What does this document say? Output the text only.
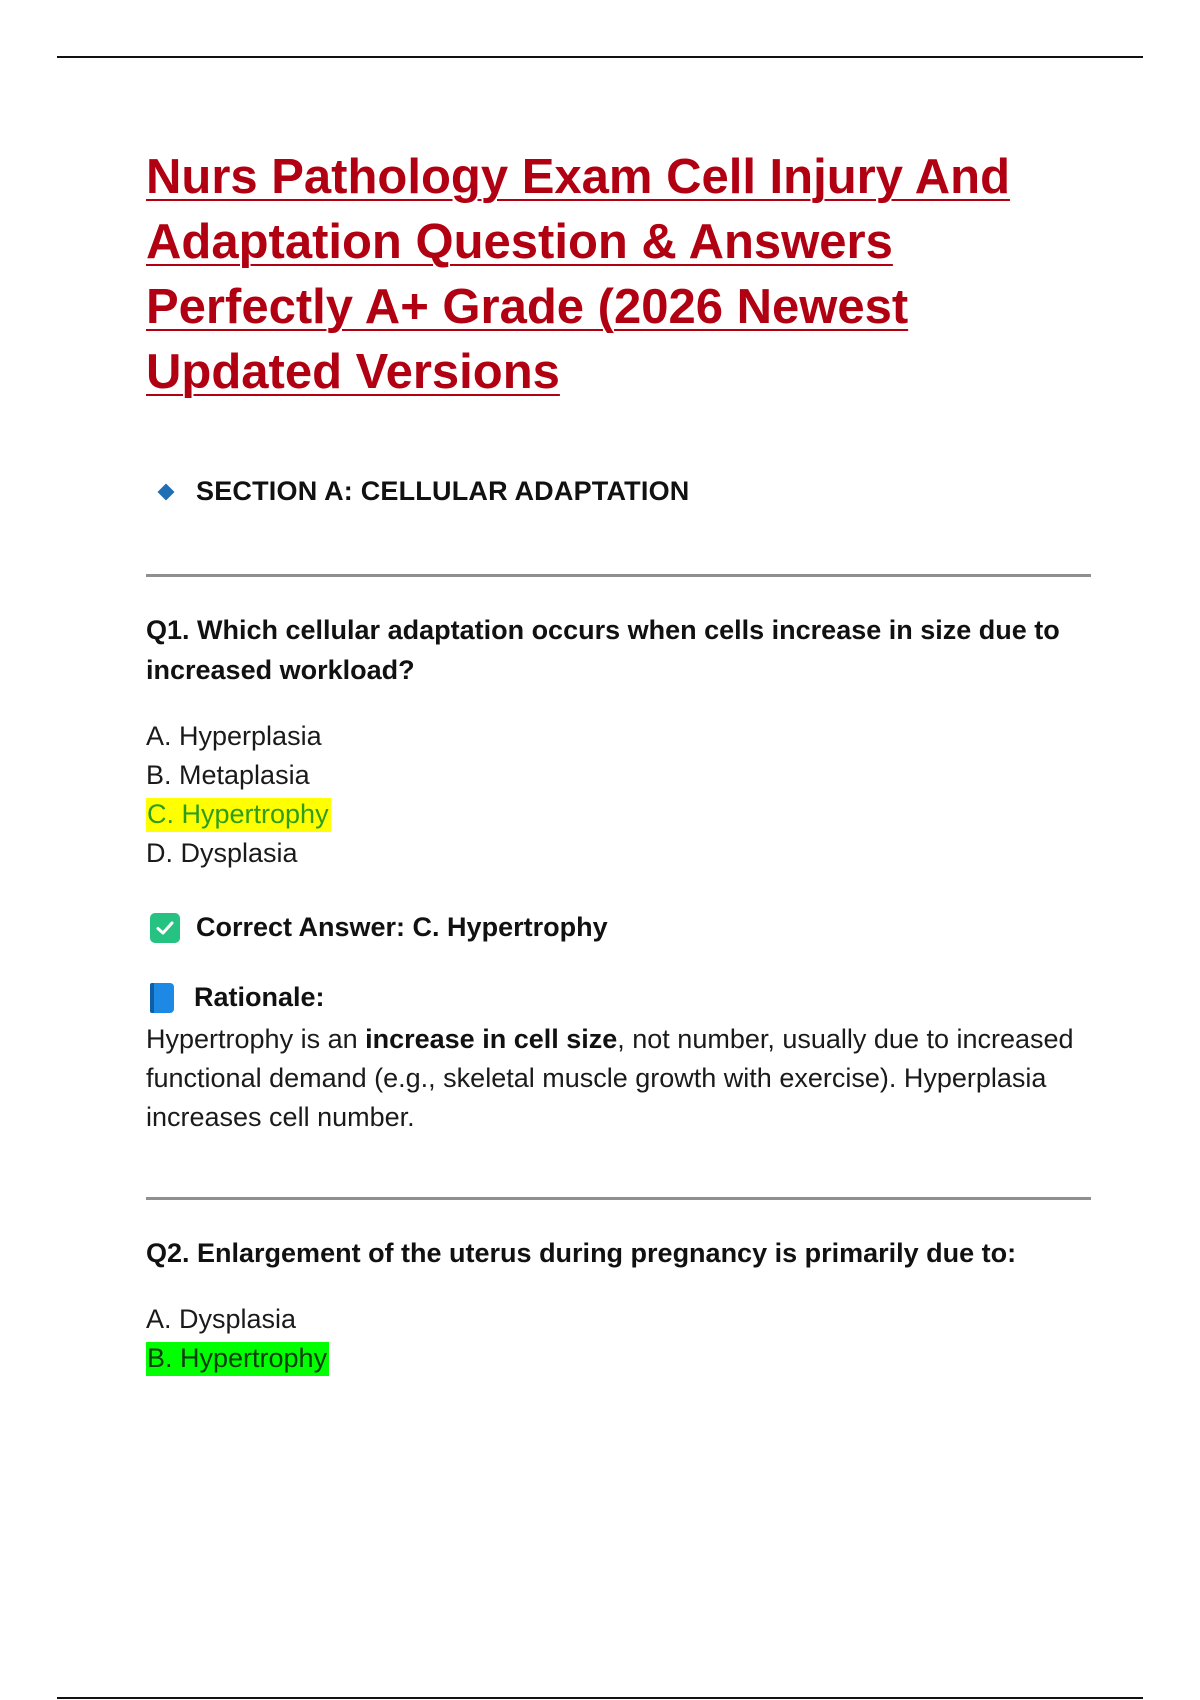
Nurs Pathology Exam Cell Injury And Adaptation Question & Answers Perfectly A+ Grade (2026 Newest Updated Versions
SECTION A: CELLULAR ADAPTATION

Q1. Which cellular adaptation occurs when cells increase in size due to increased workload?

A. Hyperplasia
B. Metaplasia
C. Hypertrophy
D. Dysplasia
Correct Answer: C. Hypertrophy
Rationale:

Hypertrophy is an increase in cell size, not number, usually due to increased functional demand (e.g., skeletal muscle growth with exercise). Hyperplasia increases cell number.

Q2. Enlargement of the uterus during pregnancy is primarily due to:

A. Dysplasia
B. Hypertrophy
